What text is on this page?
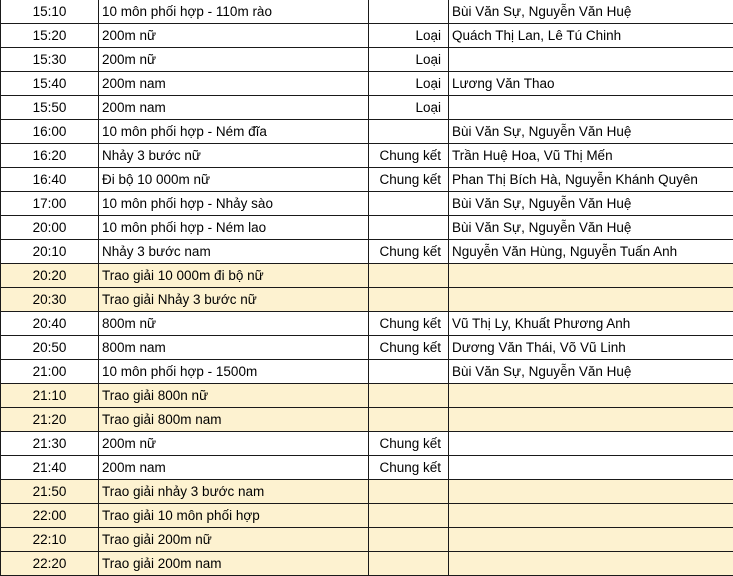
15:10	10 môn phối hợp - 110m rào		Bùi Văn Sự, Nguyễn Văn Huệ
15:20	200m nữ	Loại	Quách Thị Lan, Lê Tú Chinh
15:30	200m nữ	Loại	
15:40	200m nam	Loại	Lương Văn Thao
15:50	200m nam	Loại	
16:00	10 môn phối hợp - Ném đĩa		Bùi Văn Sự, Nguyễn Văn Huệ
16:20	Nhảy 3 bước nữ	Chung kết	Trần Huệ Hoa, Vũ Thị Mến
16:40	Đi bộ 10 000m nữ	Chung kết	Phan Thị Bích Hà, Nguyễn Khánh Quyên
17:00	10 môn phối hợp - Nhảy sào		Bùi Văn Sự, Nguyễn Văn Huệ
20:00	10 môn phối hợp - Ném lao		Bùi Văn Sự, Nguyễn Văn Huệ
20:10	Nhảy 3 bước nam	Chung kết	Nguyễn Văn Hùng, Nguyễn Tuấn Anh
20:20	Trao giải 10 000m đi bộ nữ		
20:30	Trao giải Nhảy 3 bước nữ		
20:40	800m nữ	Chung kết	Vũ Thị Ly, Khuất Phương Anh
20:50	800m nam	Chung kết	Dương Văn Thái, Võ Vũ Linh
21:00	10 môn phối hợp - 1500m		Bùi Văn Sự, Nguyễn Văn Huệ
21:10	Trao giải 800n nữ		
21:20	Trao giải 800m nam		
21:30	200m nữ	Chung kết	
21:40	200m nam	Chung kết	
21:50	Trao giải nhảy 3 bước nam		
22:00	Trao giải 10 môn phối hợp		
22:10	Trao giải 200m nữ		
22:20	Trao giải 200m nam		
